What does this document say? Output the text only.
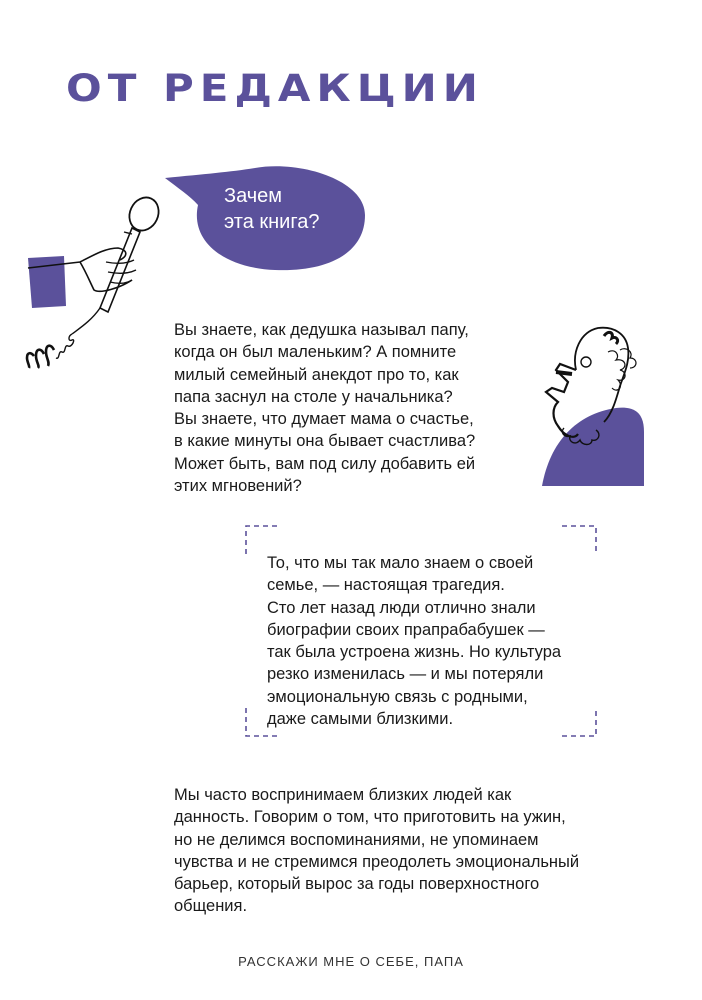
ОТ РЕДАКЦИИ
Зачем
эта книга?
Вы знаете, как дедушка называл папу,
когда он был маленьким? А помните
милый семейный анекдот про то, как
папа заснул на столе у начальника?
Вы знаете, что думает мама о счастье,
в какие минуты она бывает счастлива?
Может быть, вам под силу добавить ей
этих мгновений?
То, что мы так мало знаем о своей
семье, — настоящая трагедия.
Сто лет назад люди отлично знали
биографии своих прапрабабушек —
так была устроена жизнь. Но культура
резко изменилась — и мы потеряли
эмоциональную связь с родными,
даже самыми близкими.
Мы часто воспринимаем близких людей как
данность. Говорим о том, что приготовить на ужин,
но не делимся воспоминаниями, не упоминаем
чувства и не стремимся преодолеть эмоциональный
барьер, который вырос за годы поверхностного
общения.
РАССКАЖИ МНЕ О СЕБЕ, ПАПА
